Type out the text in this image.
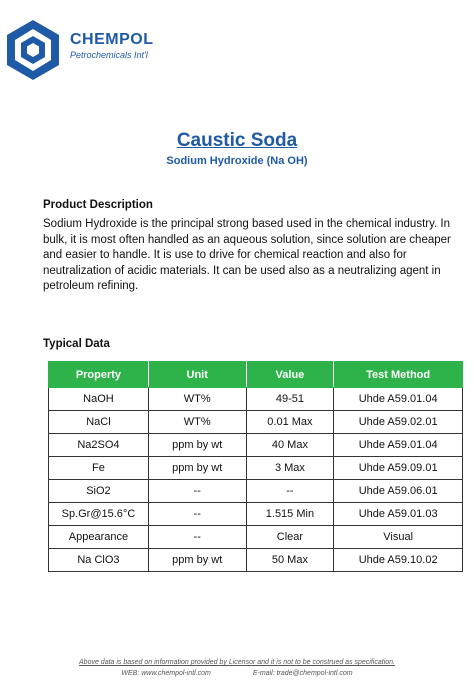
CHEMPOL
Petrochemicals Int'l
Caustic Soda
Sodium Hydroxide (Na OH)
Product Description

Sodium Hydroxide is the principal strong based used in the chemical industry. In bulk, it is most often handled as an aqueous solution, since solution are cheaper and easier to handle. It is use to drive for chemical reaction and also for neutralization of acidic materials. It can be used also as a neutralizing agent in petroleum refining.

Typical Data
Property	Unit	Value	Test Method
NaOH	WT%	49-51	Uhde A59.01.04
NaCl	WT%	0.01 Max	Uhde A59.02.01
Na2SO4	ppm by wt	40 Max	Uhde A59.01.04
Fe	ppm by wt	3 Max	Uhde A59.09.01
SiO2	--	--	Uhde A59.06.01
Sp.Gr@15.6°C	--	1.515 Min	Uhde A59.01.03
Appearance	--	Clear	Visual
Na ClO3	ppm by wt	50 Max	Uhde A59.10.02
Above data is based on information provided by Licensor and it is not to be construed as specification.
WEB: www.chempol-intl.com	E-mail: trade@chempol-intl.com
